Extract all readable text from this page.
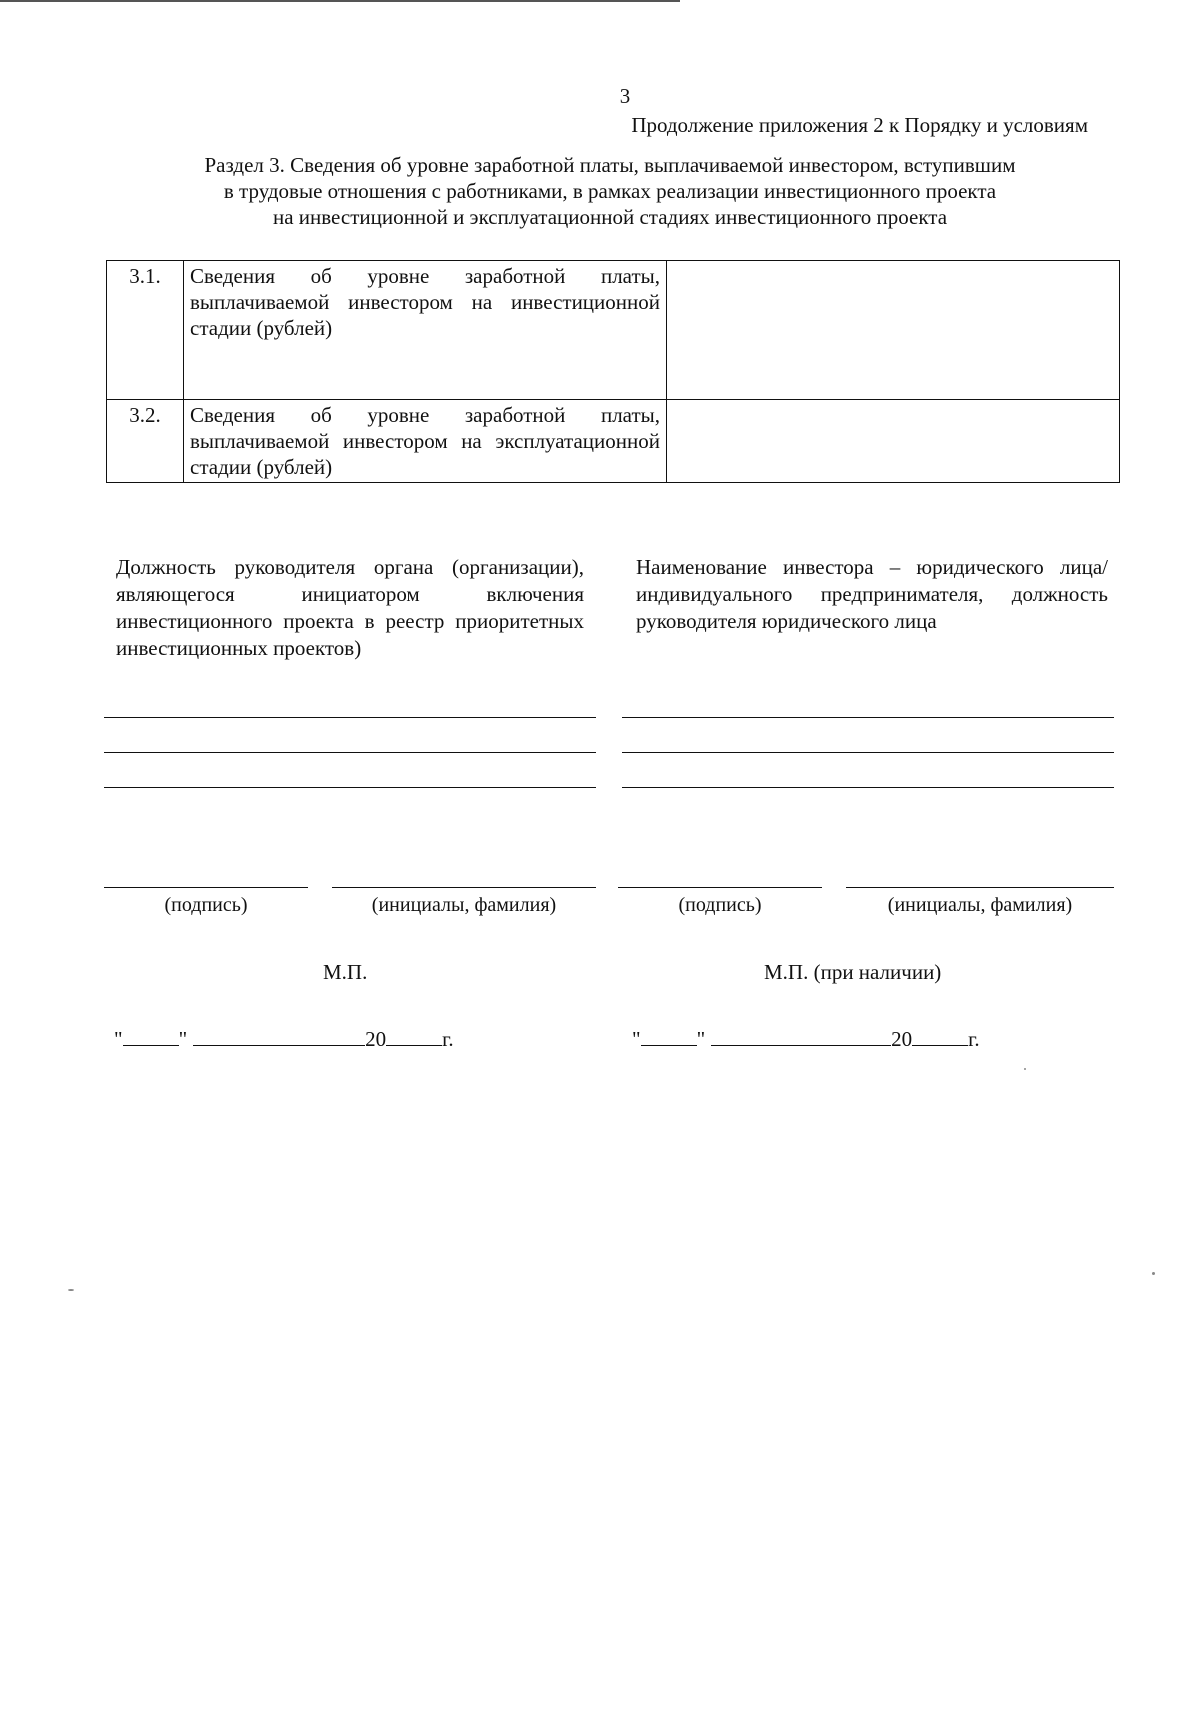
3
Продолжение приложения 2 к Порядку и условиям
Раздел 3. Сведения об уровне заработной платы, выплачиваемой инвестором, вступившим
в трудовые отношения с работниками, в рамках реализации инвестиционного проекта
на инвестиционной и эксплуатационной стадиях инвестиционного проекта
3.1.	Сведения об уровне заработной платы, выплачиваемой инвестором на инвестиционной стадии (рублей)	
3.2.	Сведения об уровне заработной платы, выплачиваемой инвестором на эксплуатационной стадии (рублей)	
Должность руководителя органа (организации), являющегося инициатором включения инвестиционного проекта в реестр приоритетных инвестиционных проектов)
Наименование инвестора – юридического лица/индивидуального предпринимателя, должность руководителя юридического лица
(подпись)	(инициалы, фамилия)	(подпись)	(инициалы, фамилия)
М.П.	М.П. (при наличии)
"	"	20	г.	"	"	20	г.
